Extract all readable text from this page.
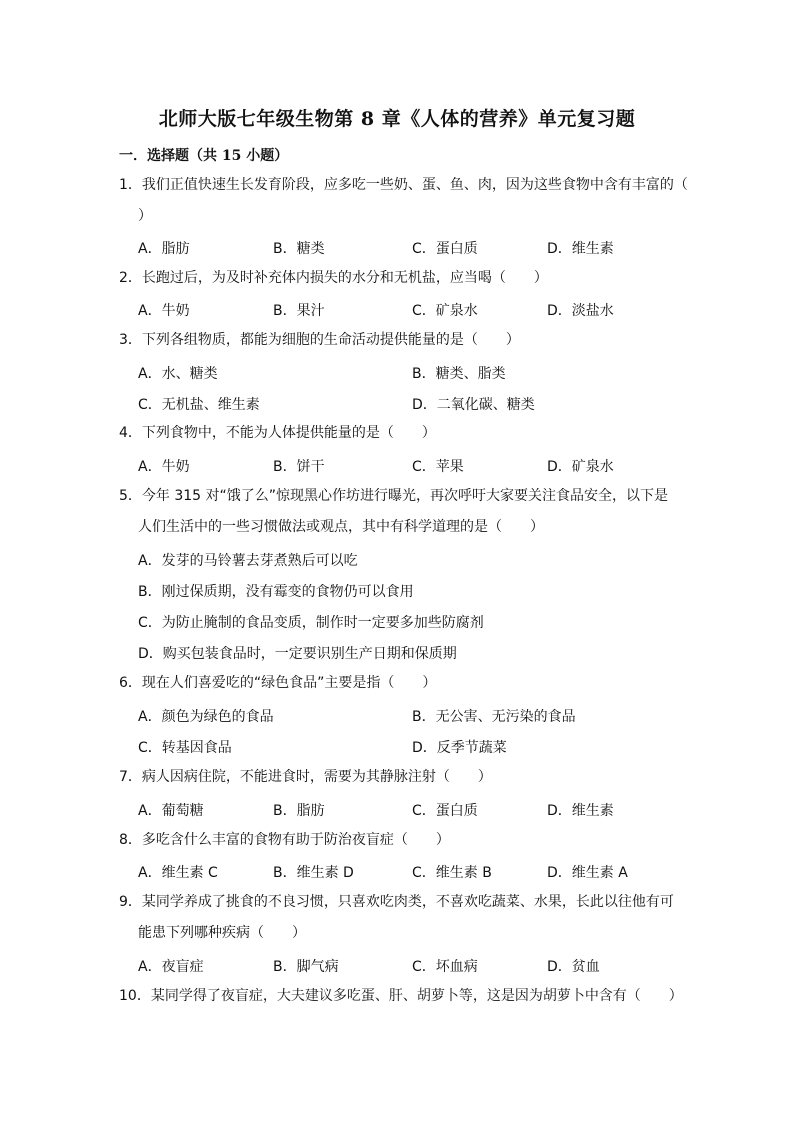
北师大版七年级生物第 8 章《人体的营养》单元复习题
一．选择题（共 15 小题）
1．我们正值快速生长发育阶段，应多吃一些奶、蛋、鱼、肉，因为这些食物中含有丰富的（
）
A．脂肪	B．糖类	C．蛋白质	D．维生素
2．长跑过后，为及时补充体内损失的水分和无机盐，应当喝（　　）
A．牛奶	B．果汁	C．矿泉水	D．淡盐水
3．下列各组物质，都能为细胞的生命活动提供能量的是（　　）
A．水、糖类	B．糖类、脂类
C．无机盐、维生素	D．二氧化碳、糖类
4．下列食物中，不能为人体提供能量的是（　　）
A．牛奶	B．饼干	C．苹果	D．矿泉水
5．今年 315 对“饿了么”惊现黑心作坊进行曝光，再次呼吁大家要关注食品安全，以下是
人们生活中的一些习惯做法或观点，其中有科学道理的是（　　）
A．发芽的马铃薯去芽煮熟后可以吃
B．刚过保质期，没有霉变的食物仍可以食用
C．为防止腌制的食品变质，制作时一定要多加些防腐剂
D．购买包装食品时，一定要识别生产日期和保质期
6．现在人们喜爱吃的“绿色食品”主要是指（　　）
A．颜色为绿色的食品	B．无公害、无污染的食品
C．转基因食品	D．反季节蔬菜
7．病人因病住院，不能进食时，需要为其静脉注射（　　）
A．葡萄糖	B．脂肪	C．蛋白质	D．维生素
8．多吃含什么丰富的食物有助于防治夜盲症（　　）
A．维生素 C	B．维生素 D	C．维生素 B	D．维生素 A
9．某同学养成了挑食的不良习惯，只喜欢吃肉类，不喜欢吃蔬菜、水果，长此以往他有可
能患下列哪种疾病（　　）
A．夜盲症	B．脚气病	C．坏血病	D．贫血
10．某同学得了夜盲症，大夫建议多吃蛋、肝、胡萝卜等，这是因为胡萝卜中含有（　　）
